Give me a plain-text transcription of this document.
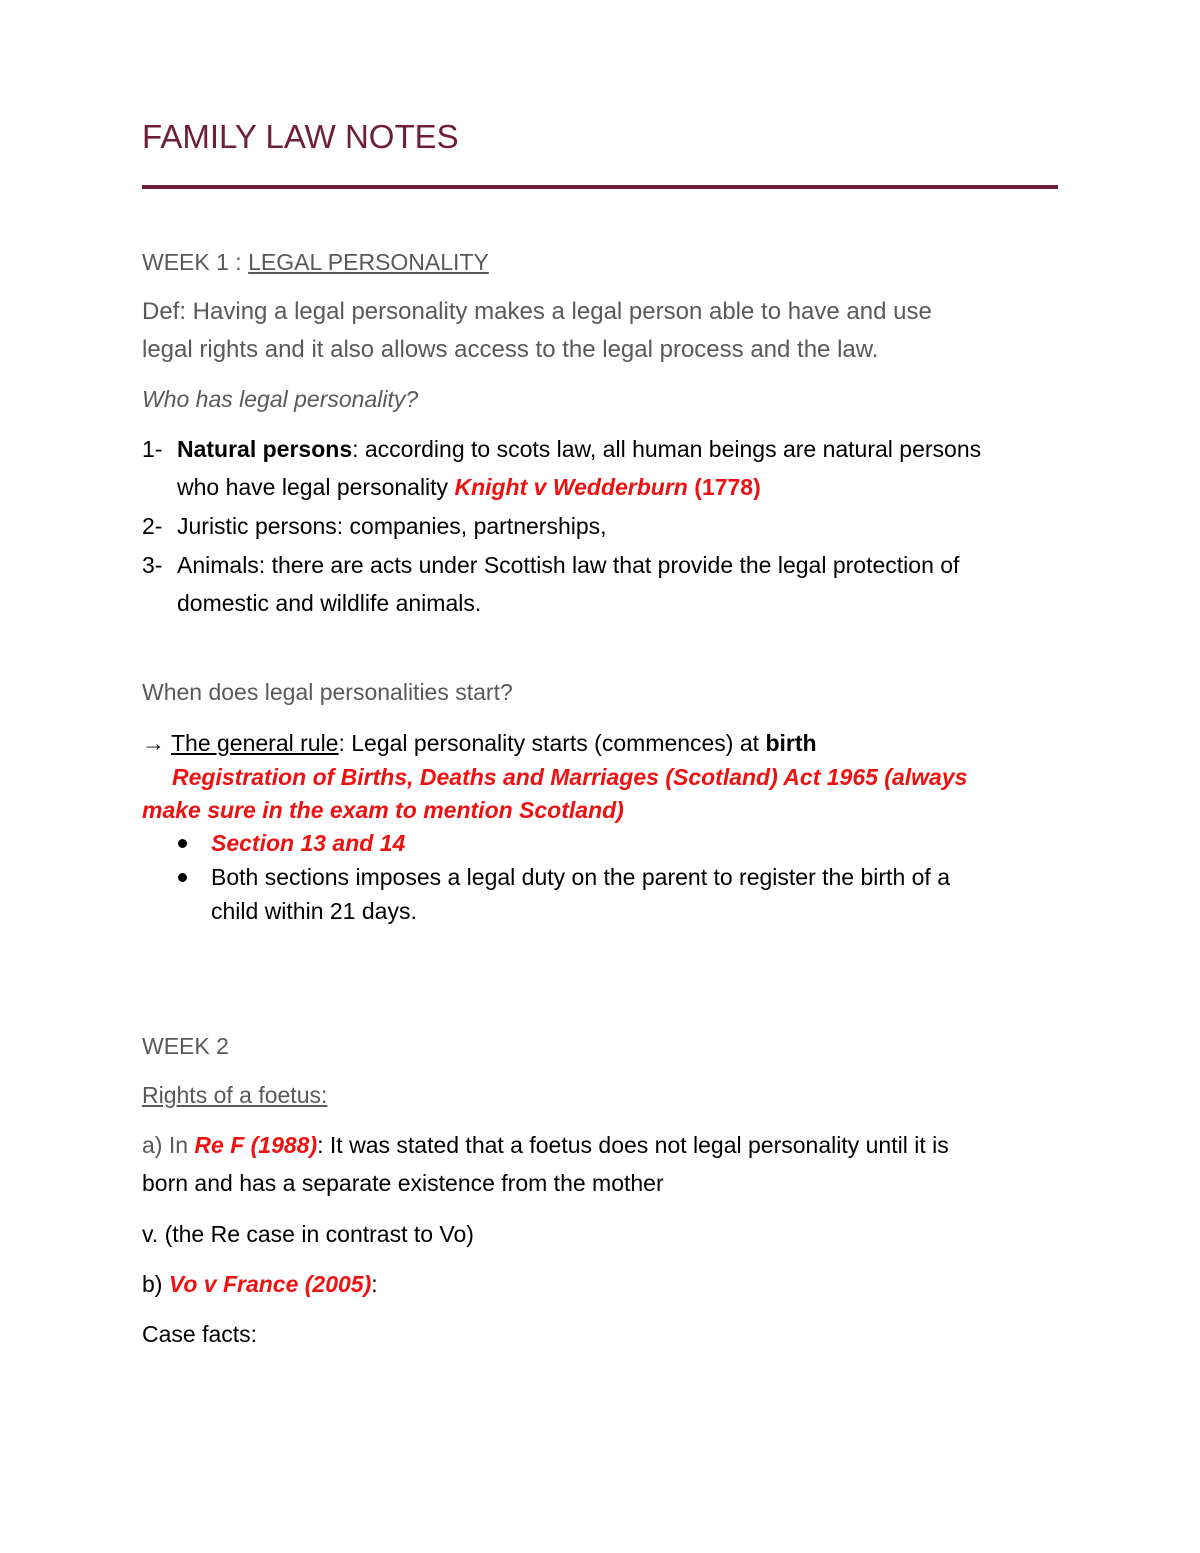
FAMILY LAW NOTES
WEEK 1 : LEGAL PERSONALITY
Def: Having a legal personality makes a legal person able to have and use
legal rights and it also allows access to the legal process and the law.
Who has legal personality?
1- Natural persons: according to scots law, all human beings are natural persons
who have legal personality Knight v Wedderburn (1778)
2- Juristic persons: companies, partnerships,
3- Animals: there are acts under Scottish law that provide the legal protection of
domestic and wildlife animals.
When does legal personalities start?
→ The general rule: Legal personality starts (commences) at birth
Registration of Births, Deaths and Marriages (Scotland) Act 1965 (always
make sure in the exam to mention Scotland)
Section 13 and 14
Both sections imposes a legal duty on the parent to register the birth of a
child within 21 days.
WEEK 2
Rights of a foetus:
a) In Re F (1988): It was stated that a foetus does not legal personality until it is
born and has a separate existence from the mother
v. (the Re case in contrast to Vo)
b) Vo v France (2005):
Case facts:
